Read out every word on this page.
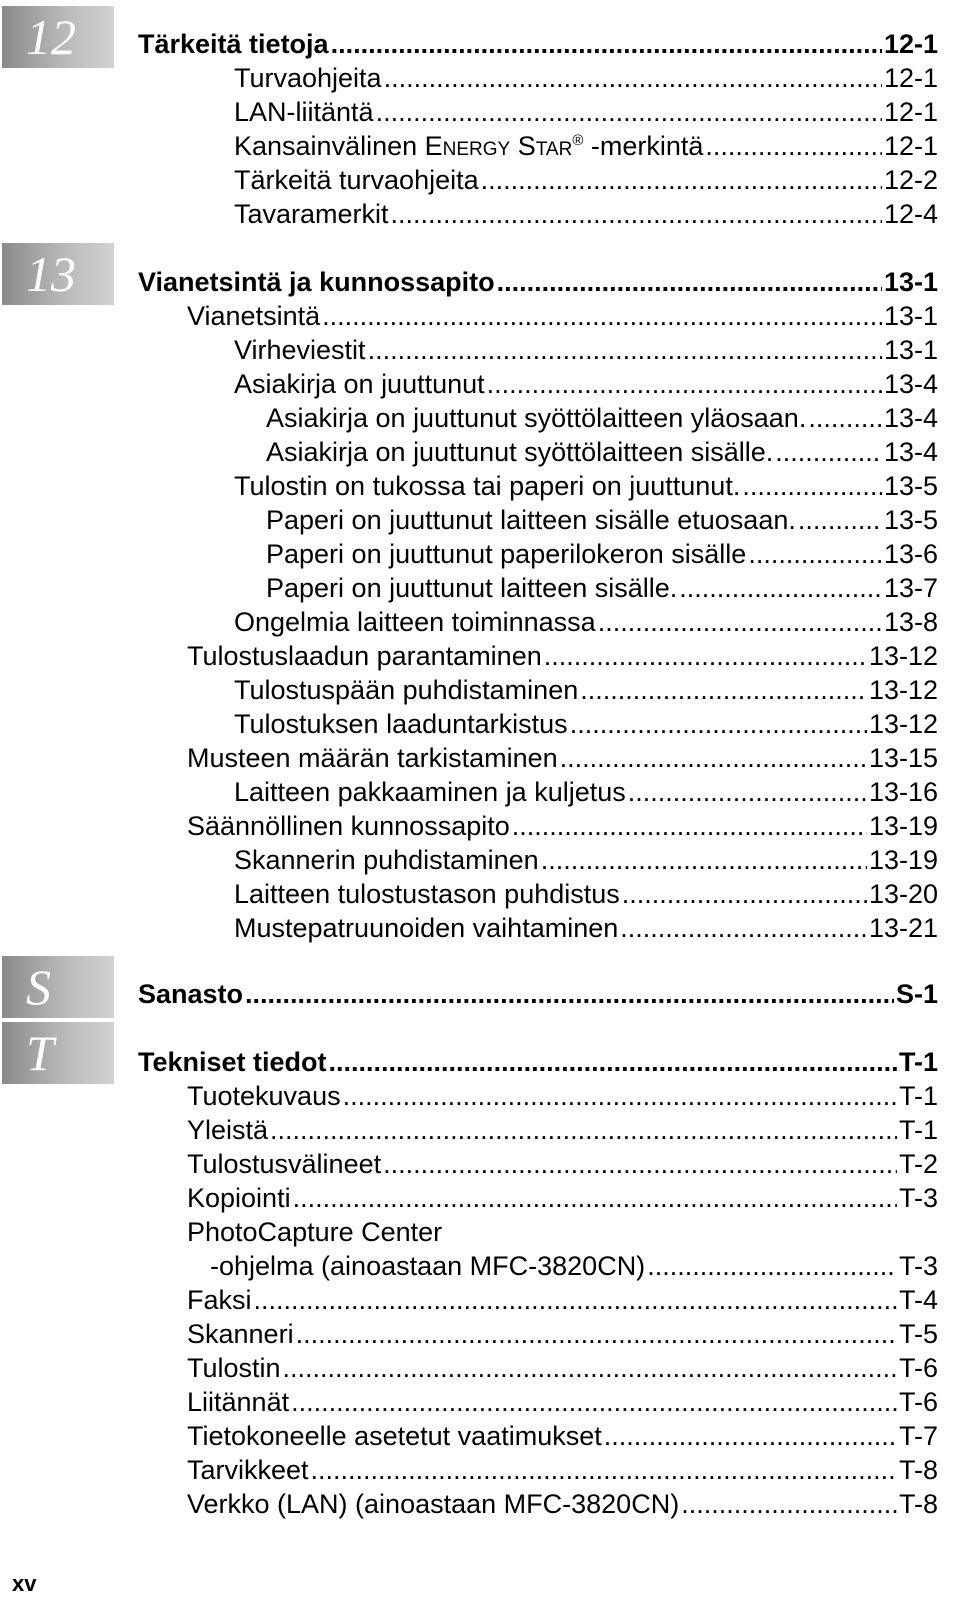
12
13
S
T
Tärkeitä tietoja .....	12-1
Turvaohjeita .....	12-1
LAN-liitäntä .....	12-1
Kansainvälinen Energy Star® -merkintä .....	12-1
Tärkeitä turvaohjeita .....	12-2
Tavaramerkit .....	12-4
Vianetsintä ja kunnossapito .....	13-1
Vianetsintä .....	13-1
Virheviestit .....	13-1
Asiakirja on juuttunut .....	13-4
Asiakirja on juuttunut syöttölaitteen yläosaan. .....	13-4
Asiakirja on juuttunut syöttölaitteen sisälle. .....	13-4
Tulostin on tukossa tai paperi on juuttunut. .....	13-5
Paperi on juuttunut laitteen sisälle etuosaan. .....	13-5
Paperi on juuttunut paperilokeron sisälle .....	13-6
Paperi on juuttunut laitteen sisälle. .....	13-7
Ongelmia laitteen toiminnassa .....	13-8
Tulostuslaadun parantaminen .....	13-12
Tulostuspään puhdistaminen .....	13-12
Tulostuksen laaduntarkistus .....	13-12
Musteen määrän tarkistaminen .....	13-15
Laitteen pakkaaminen ja kuljetus .....	13-16
Säännöllinen kunnossapito .....	13-19
Skannerin puhdistaminen .....	13-19
Laitteen tulostustason puhdistus .....	13-20
Mustepatruunoiden vaihtaminen .....	13-21
Sanasto .....	S-1
Tekniset tiedot .....	T-1
Tuotekuvaus .....	T-1
Yleistä .....	T-1
Tulostusvälineet .....	T-2
Kopiointi .....	T-3
PhotoCapture Center
-ohjelma (ainoastaan MFC-3820CN) .....	T-3
Faksi .....	T-4
Skanneri .....	T-5
Tulostin .....	T-6
Liitännät .....	T-6
Tietokoneelle asetetut vaatimukset .....	T-7
Tarvikkeet .....	T-8
Verkko (LAN) (ainoastaan MFC-3820CN) .....	T-8
xv
